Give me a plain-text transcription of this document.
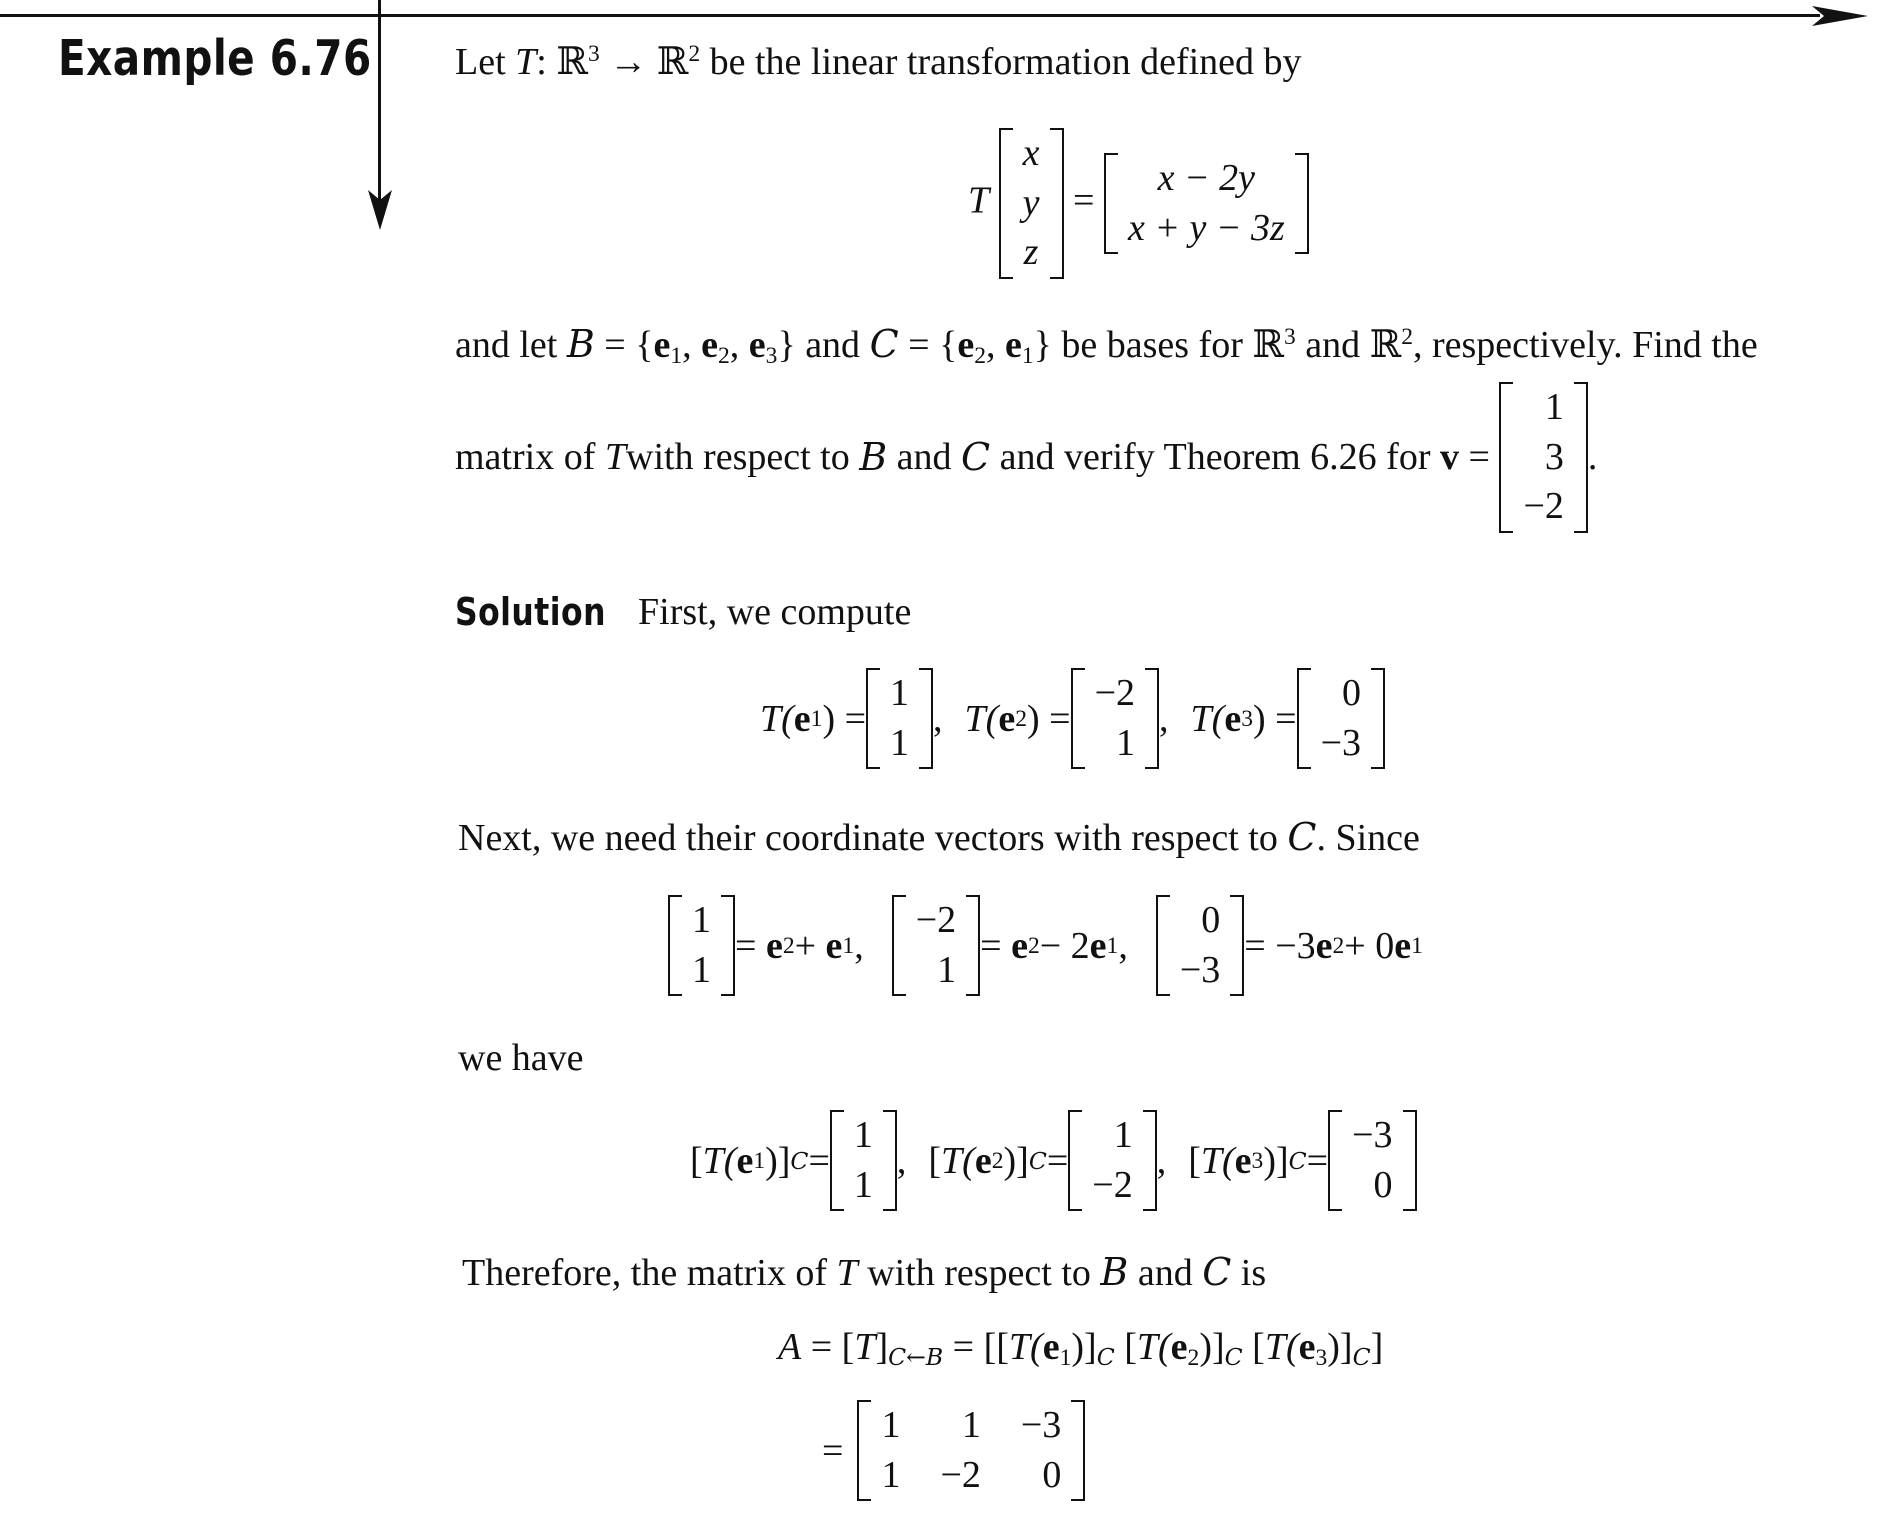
Example 6.76 Let T: ℝ$^3$ → ℝ$^2$ be the linear transformation defined by
T
x
y
z
=
x − 2y
x + y − 3z
and let $B = \{e_1$, $e_2$, $e_3$} and $C = \{e_2$, $e_1$} be bases for ℝ$^3$ and ℝ$^2$, respectively. Find the
matrix of
T with respect to
B
and
C
and verify Theorem 6.26 for
v
=

1
3
−2
.
Solution First, we compute
T( e 1 ) =
1
1
, T( e 2 ) =
−2
1
, T( e 3 ) =
0
−3
Next, we need their coordinate vectors with respect to C. Since
1
1
=
e 2 +
e 1 ,
−2
1
=
e 2 −
2 e 1 ,
0
−3
=
−3 e 2 +
0 e 1
we have
[ T( e 1 )] C =
1
1
, [ T( e 2 )] C =
1
−2
, [ T( e 3 )] C =
−3
0
Therefore, the matrix of T with respect to B and C is
$A = [T]_{C\leftarrow B} = [[T(e_1)]_C$ $[T(e_2)]_C$ $[T(e_3)]_C$]
=
1	1 −3
1 −2	0
